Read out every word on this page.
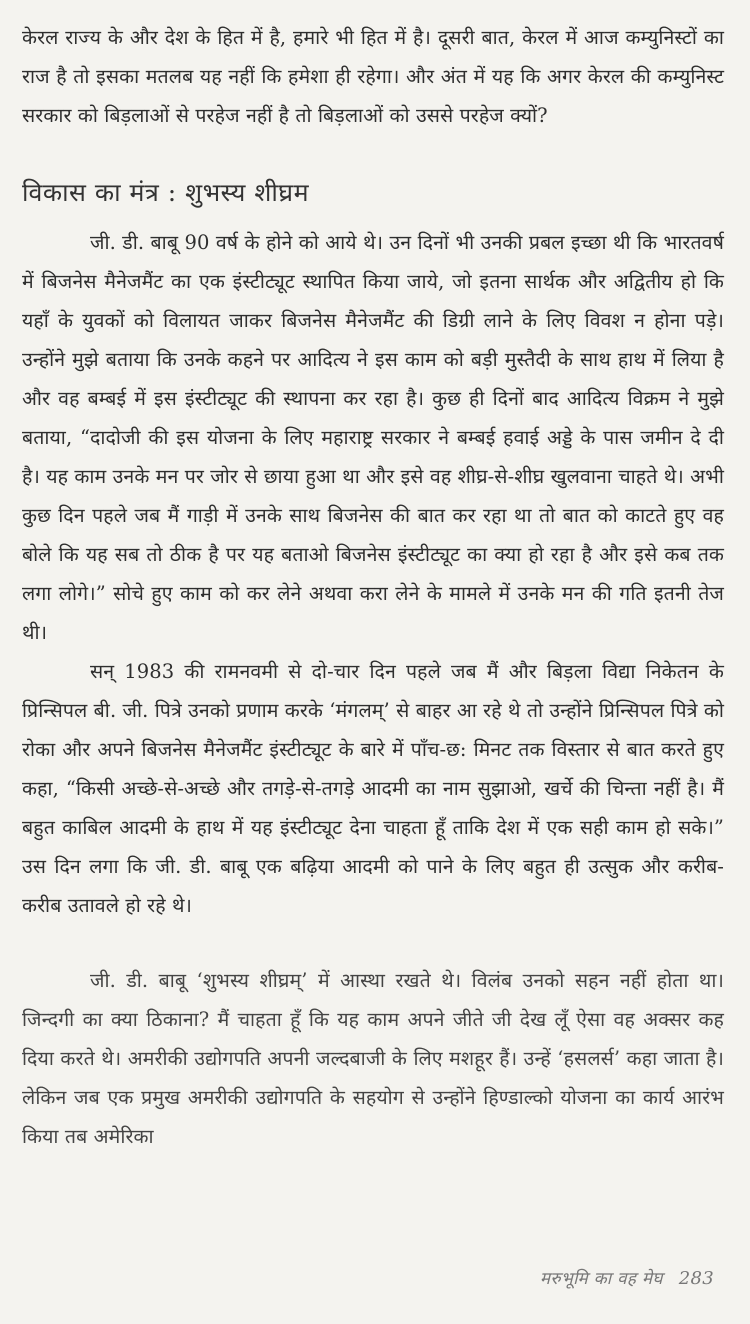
केरल राज्य के और देश के हित में है, हमारे भी हित में है। दूसरी बात, केरल में आज कम्युनिस्टों का राज है तो इसका मतलब यह नहीं कि हमेशा ही रहेगा। और अंत में यह कि अगर केरल की कम्युनिस्ट सरकार को बिड़लाओं से परहेज नहीं है तो बिड़लाओं को उससे परहेज क्यों?

विकास का मंत्र : शुभस्य शीघ्रम

जी. डी. बाबू 90 वर्ष के होने को आये थे। उन दिनों भी उनकी प्रबल इच्छा थी कि भारतवर्ष में बिजनेस मैनेजमैंट का एक इंस्टीट्यूट स्थापित किया जाये, जो इतना सार्थक और अद्वितीय हो कि यहाँ के युवकों को विलायत जाकर बिजनेस मैनेजमैंट की डिग्री लाने के लिए विवश न होना पड़े। उन्होंने मुझे बताया कि उनके कहने पर आदित्य ने इस काम को बड़ी मुस्तैदी के साथ हाथ में लिया है और वह बम्बई में इस इंस्टीट्यूट की स्थापना कर रहा है। कुछ ही दिनों बाद आदित्य विक्रम ने मुझे बताया, “दादोजी की इस योजना के लिए महाराष्ट्र सरकार ने बम्बई हवाई अड्डे के पास जमीन दे दी है। यह काम उनके मन पर जोर से छाया हुआ था और इसे वह शीघ्र-से-शीघ्र खुलवाना चाहते थे। अभी कुछ दिन पहले जब मैं गाड़ी में उनके साथ बिजनेस की बात कर रहा था तो बात को काटते हुए वह बोले कि यह सब तो ठीक है पर यह बताओ बिजनेस इंस्टीट्यूट का क्या हो रहा है और इसे कब तक लगा लोगे।” सोचे हुए काम को कर लेने अथवा करा लेने के मामले में उनके मन की गति इतनी तेज थी।

सन् 1983 की रामनवमी से दो-चार दिन पहले जब मैं और बिड़ला विद्या निकेतन के प्रिन्सिपल बी. जी. पित्रे उनको प्रणाम करके ‘मंगलम्’ से बाहर आ रहे थे तो उन्होंने प्रिन्सिपल पित्रे को रोका और अपने बिजनेस मैनेजमैंट इंस्टीट्यूट के बारे में पाँच-छ: मिनट तक विस्तार से बात करते हुए कहा, “किसी अच्छे-से-अच्छे और तगड़े-से-तगड़े आदमी का नाम सुझाओ, खर्चे की चिन्ता नहीं है। मैं बहुत काबिल आदमी के हाथ में यह इंस्टीट्यूट देना चाहता हूँ ताकि देश में एक सही काम हो सके।” उस दिन लगा कि जी. डी. बाबू एक बढ़िया आदमी को पाने के लिए बहुत ही उत्सुक और करीब-करीब उतावले हो रहे थे।

जी. डी. बाबू ‘शुभस्य शीघ्रम्’ में आस्था रखते थे। विलंब उनको सहन नहीं होता था। जिन्दगी का क्या ठिकाना? मैं चाहता हूँ कि यह काम अपने जीते जी देख लूँ ऐसा वह अक्सर कह दिया करते थे। अमरीकी उद्योगपति अपनी जल्दबाजी के लिए मशहूर हैं। उन्हें ‘हसलर्स’ कहा जाता है। लेकिन जब एक प्रमुख अमरीकी उद्योगपति के सहयोग से उन्होंने हिण्डाल्को योजना का कार्य आरंभ किया तब अमेरिका

मरुभूमि का वह मेघ 283
